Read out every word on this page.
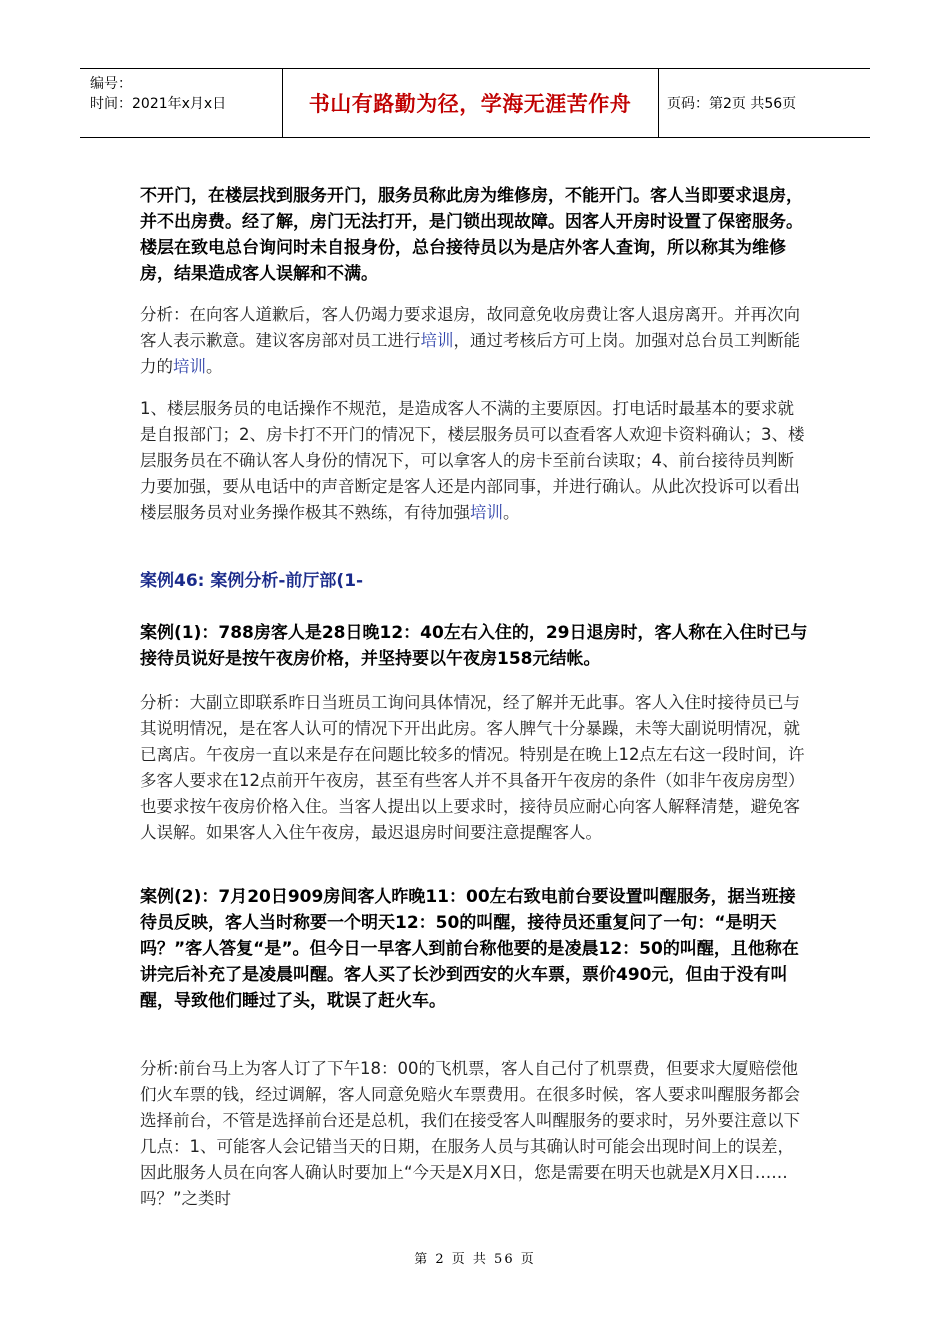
编号：
时间：2021年x月x日	书山有路勤为径，学海无涯苦作舟	页码：第2页 共56页

不开门，在楼层找到服务开门，服务员称此房为维修房，不能开门。客人当即要求退房，并不出房费。经了解，房门无法打开，是门锁出现故障。因客人开房时设置了保密服务。楼层在致电总台询问时未自报身份，总台接待员以为是店外客人查询，所以称其为维修房，结果造成客人误解和不满。

分析：在向客人道歉后，客人仍竭力要求退房，故同意免收房费让客人退房离开。并再次向客人表示歉意。建议客房部对员工进行培训，通过考核后方可上岗。加强对总台员工判断能力的培训。

1、楼层服务员的电话操作不规范，是造成客人不满的主要原因。打电话时最基本的要求就是自报部门；2、房卡打不开门的情况下，楼层服务员可以查看客人欢迎卡资料确认；3、楼层服务员在不确认客人身份的情况下，可以拿客人的房卡至前台读取；4、前台接待员判断力要加强，要从电话中的声音断定是客人还是内部同事，并进行确认。从此次投诉可以看出楼层服务员对业务操作极其不熟练，有待加强培训。

案例46: 案例分析-前厅部(1-

案例(1)：788房客人是28日晚12：40左右入住的，29日退房时，客人称在入住时已与接待员说好是按午夜房价格，并坚持要以午夜房158元结帐。

分析：大副立即联系昨日当班员工询问具体情况，经了解并无此事。客人入住时接待员已与其说明情况，是在客人认可的情况下开出此房。客人脾气十分暴躁，未等大副说明情况，就已离店。午夜房一直以来是存在问题比较多的情况。特别是在晚上12点左右这一段时间，许多客人要求在12点前开午夜房，甚至有些客人并不具备开午夜房的条件（如非午夜房房型）也要求按午夜房价格入住。当客人提出以上要求时，接待员应耐心向客人解释清楚，避免客人误解。如果客人入住午夜房，最迟退房时间要注意提醒客人。

案例(2)：7月20日909房间客人昨晚11：00左右致电前台要设置叫醒服务，据当班接待员反映，客人当时称要一个明天12：50的叫醒，接待员还重复问了一句：“是明天吗？”客人答复“是”。但今日一早客人到前台称他要的是凌晨12：50的叫醒，且他称在讲完后补充了是凌晨叫醒。客人买了长沙到西安的火车票，票价490元，但由于没有叫醒，导致他们睡过了头，耽误了赶火车。

分析:前台马上为客人订了下午18：00的飞机票，客人自己付了机票费，但要求大厦赔偿他们火车票的钱，经过调解，客人同意免赔火车票费用。在很多时候，客人要求叫醒服务都会选择前台，不管是选择前台还是总机，我们在接受客人叫醒服务的要求时，另外要注意以下几点：1、可能客人会记错当天的日期，在服务人员与其确认时可能会出现时间上的误差，因此服务人员在向客人确认时要加上“今天是X月X日，您是需要在明天也就是X月X日……吗？”之类时

第 2 页 共 56 页
